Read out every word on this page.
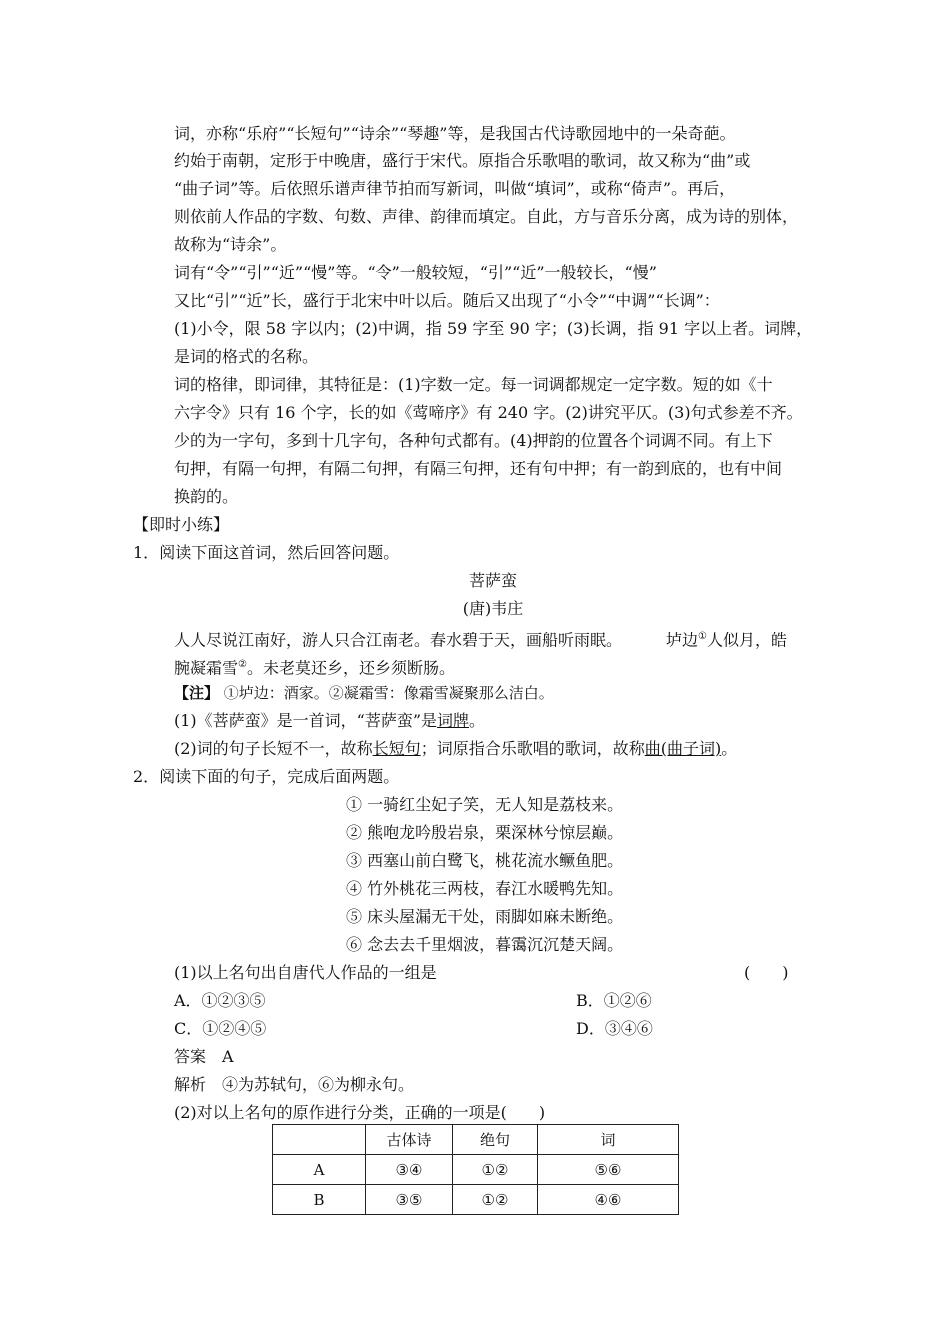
词，亦称“乐府”“长短句”“诗余”“琴趣”等，是我国古代诗歌园地中的一朵奇葩。
约始于南朝，定形于中晚唐，盛行于宋代。原指合乐歌唱的歌词，故又称为“曲”或
“曲子词”等。后依照乐谱声律节拍而写新词，叫做“填词”，或称“倚声”。再后，
则依前人作品的字数、句数、声律、韵律而填定。自此，方与音乐分离，成为诗的别体，
故称为“诗余”。
词有“令”“引”“近”“慢”等。“令”一般较短，“引”“近”一般较长，“慢”
又比“引”“近”长，盛行于北宋中叶以后。随后又出现了“小令”“中调”“长调”：
(1)小令，限 58 字以内；(2)中调，指 59 字至 90 字；(3)长调，指 91 字以上者。词牌，
是词的格式的名称。
词的格律，即词律，其特征是：(1)字数一定。每一词调都规定一定字数。短的如《十
六字令》只有 16 个字，长的如《莺啼序》有 240 字。(2)讲究平仄。(3)句式参差不齐。
少的为一字句，多到十几字句，各种句式都有。(4)押韵的位置各个词调不同。有上下
句押，有隔一句押，有隔二句押，有隔三句押，还有句中押；有一韵到底的，也有中间
换韵的。
【即时小练】
1．阅读下面这首词，然后回答问题。
菩萨蛮
(唐)韦庄
人人尽说江南好，游人只合江南老。春水碧于天，画船听雨眠。	垆边①人似月，皓
腕凝霜雪②。未老莫还乡，还乡须断肠。
【注】 ①垆边：酒家。②凝霜雪：像霜雪凝聚那么洁白。
(1)《菩萨蛮》是一首词，“菩萨蛮”是词牌。
(2)词的句子长短不一，故称长短句；词原指合乐歌唱的歌词，故称曲(曲子词)。
2．阅读下面的句子，完成后面两题。
① 一骑红尘妃子笑，无人知是荔枝来。
② 熊咆龙吟殷岩泉，栗深林兮惊层巅。
③ 西塞山前白鹭飞，桃花流水鳜鱼肥。
④ 竹外桃花三两枝，春江水暖鸭先知。
⑤ 床头屋漏无干处，雨脚如麻未断绝。
⑥ 念去去千里烟波，暮霭沉沉楚天阔。
(1)以上名句出自唐代人作品的一组是	(　　)
A．①②③⑤	B．①②⑥
C．①②④⑤	D．③④⑥
答案　A
解析　④为苏轼句，⑥为柳永句。
(2)对以上名句的原作进行分类，正确的一项是(　　)
	古体诗	绝句	词
A	③④	①②	⑤⑥
B	③⑤	①②	④⑥
